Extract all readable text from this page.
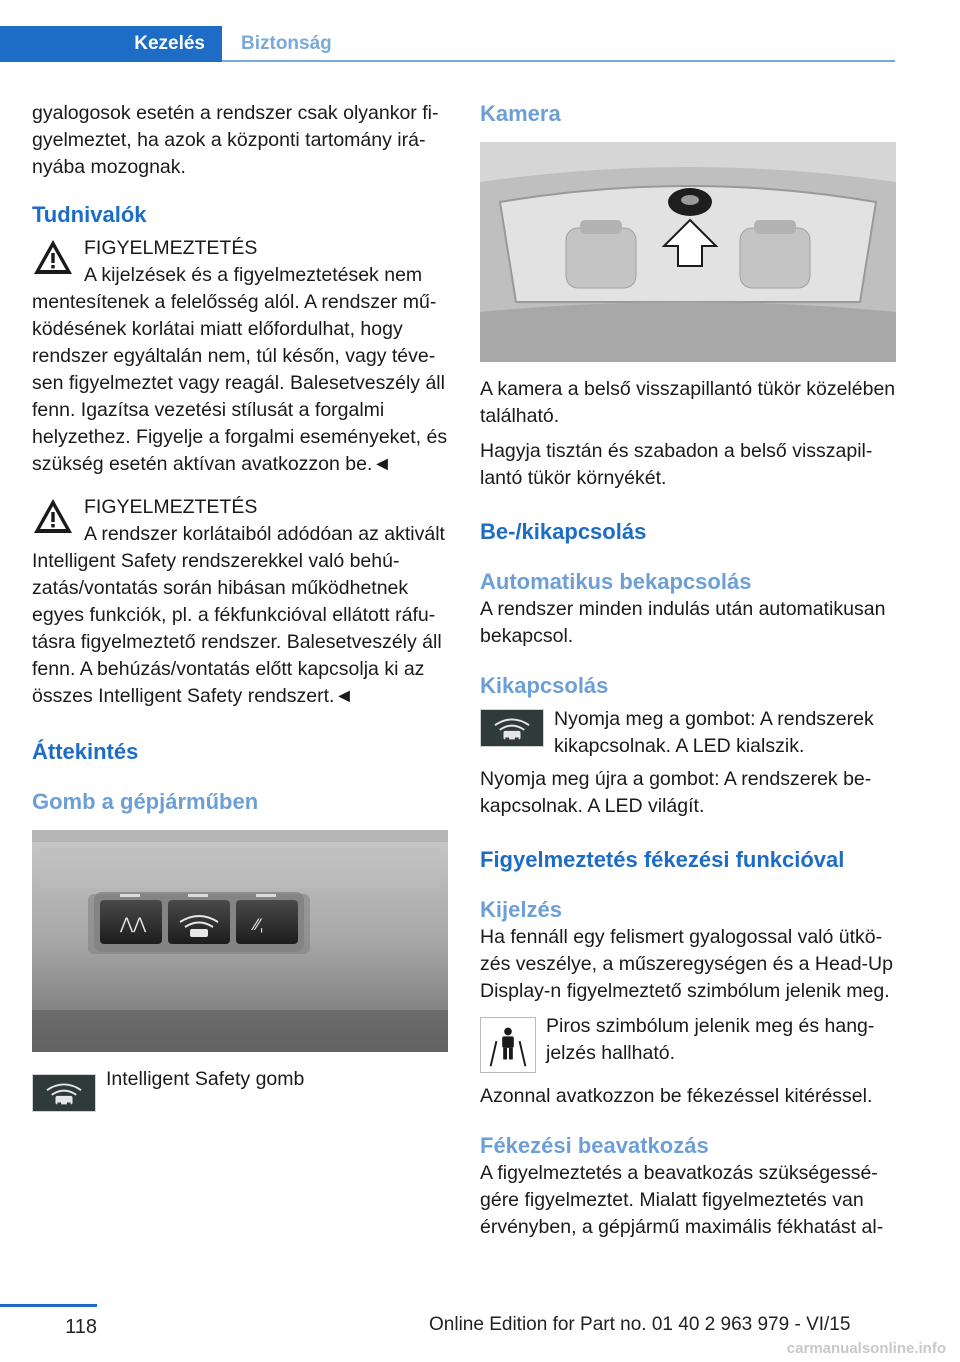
Kezelés	Biztonság

gyalogosok esetén a rendszer csak olyankor figyelmeztet, ha azok a központi tartomány irányába mozognak.

Tudnivalók
FIGYELMEZTETÉS

A kijelzések és a figyelmeztetések nem mentesítenek a felelősség alól. A rendszer működésének korlátai miatt előfordulhat, hogy rendszer egyáltalán nem, túl későn, vagy tévesen figyelmeztet vagy reagál. Balesetveszély áll fenn. Igazítsa vezetési stílusát a forgalmi helyzethez. Figyelje a forgalmi eseményeket, és szükség esetén aktívan avatkozzon be.◄

FIGYELMEZTETÉS

A rendszer korlátaiból adódóan az aktivált Intelligent Safety rendszerekkel való behúzatás/vontatás során hibásan működhetnek egyes funkciók, pl. a fékfunkcióval ellátott ráfutásra figyelmeztető rendszer. Balesetveszély áll fenn. A behúzás/vontatás előtt kapcsolja ki az összes Intelligent Safety rendszert.◄

Áttekintés
Gomb a gépjárműben
⋀⋀	⁄⁄ˌ
Intelligent Safety gomb
Kamera

A kamera a belső visszapillantó tükör közelében található.

Hagyja tisztán és szabadon a belső visszapillantó tükör környékét.

Be-/kikapcsolás
Automatikus bekapcsolás

A rendszer minden indulás után automatikusan bekapcsol.

Kikapcsolás
Nyomja meg a gombot: A rendszerek kikapcsolnak. A LED kialszik.

Nyomja meg újra a gombot: A rendszerek bekapcsolnak. A LED világít.

Figyelmeztetés fékezési funkcióval
Kijelzés

Ha fennáll egy felismert gyalogossal való ütközés veszélye, a műszeregységen és a Head-Up Display-n figyelmeztető szimbólum jelenik meg.

Piros szimbólum jelenik meg és hangjelzés hallható.

Azonnal avatkozzon be fékezéssel kitéréssel.

Fékezési beavatkozás

A figyelmeztetés a beavatkozás szükségességére figyelmeztet. Mialatt figyelmeztetés van érvényben, a gépjármű maximális fékhatást al-

118	Online Edition for Part no. 01 40 2 963 979 - VI/15
carmanualsonline.info
